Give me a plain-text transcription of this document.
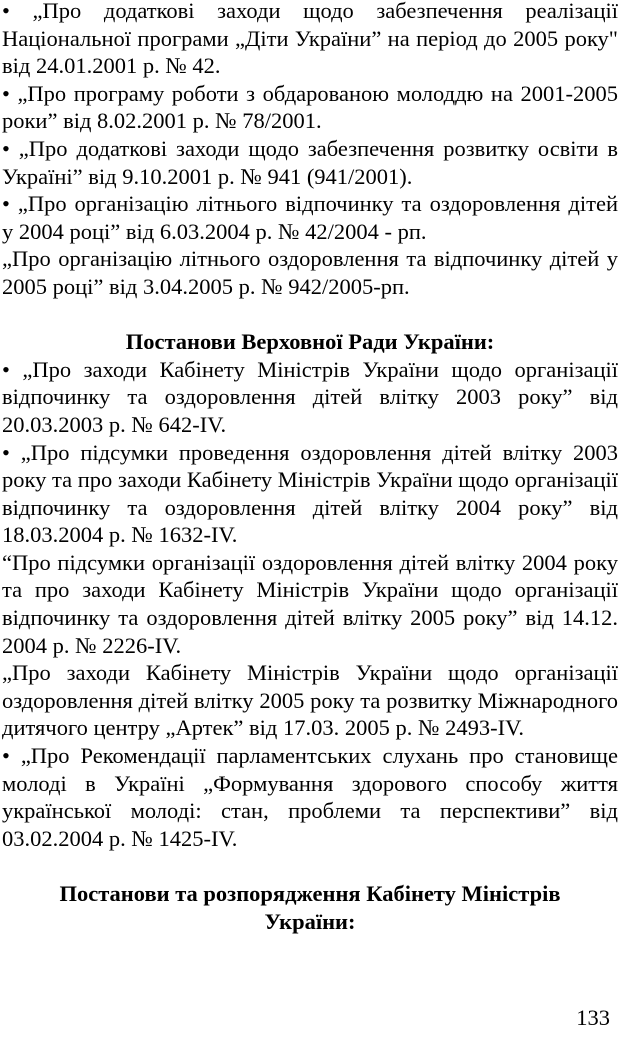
• „Про додаткові заходи щодо забезпечення реалізації Національної програми „Діти України” на період до 2005 року" від 24.01.2001 р. № 42.

• „Про програму роботи з обдарованою молоддю на 2001-2005 роки” від 8.02.2001 р. № 78/2001.

• „Про додаткові заходи щодо забезпечення розвитку освіти в Україні” від 9.10.2001 р. № 941 (941/2001).

• „Про організацію літнього відпочинку та оздоровлення дітей у 2004 році” від 6.03.2004 р. № 42/2004 - рп.

„Про організацію літнього оздоровлення та відпочинку дітей у 2005 році” від 3.04.2005 р. № 942/2005-рп.

Постанови Верховної Ради України:

• „Про заходи Кабінету Міністрів України щодо організації відпочинку та оздоровлення дітей влітку 2003 року” від 20.03.2003 р. № 642-IV.

• „Про підсумки проведення оздоровлення дітей влітку 2003 року та про заходи Кабінету Міністрів України щодо організації відпочинку та оздоровлення дітей влітку 2004 року” від 18.03.2004 р. № 1632-IV.

“Про підсумки організації оздоровлення дітей влітку 2004 року та про заходи Кабінету Міністрів України щодо організації відпочинку та оздоровлення дітей влітку 2005 року” від 14.12. 2004 р. № 2226-IV.

„Про заходи Кабінету Міністрів України щодо організації оздоровлення дітей влітку 2005 року та розвитку Міжнародного дитячого центру „Артек” від 17.03. 2005 р. № 2493-IV.

• „Про Рекомендації парламентських слухань про становище молоді в Україні „Формування здорового способу життя української молоді: стан, проблеми та перспективи” від 03.02.2004 р. № 1425-IV.

Постанови та розпорядження Кабінету Міністрів

України:

133
